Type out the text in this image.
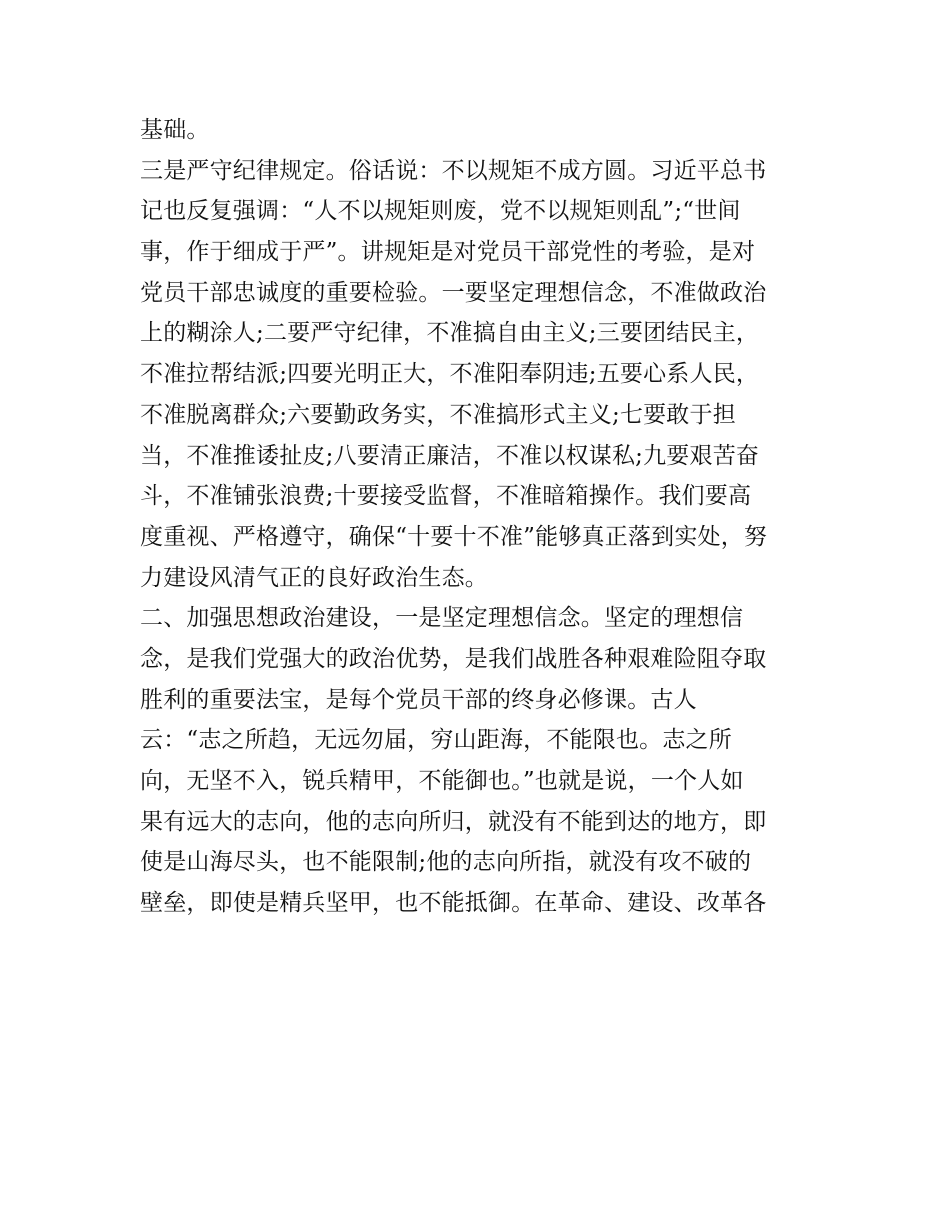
基础。
三是严守纪律规定。俗话说：不以规矩不成方圆。习近平总书
记也反复强调：“人不以规矩则废，党不以规矩则乱”;“世间
事，作于细成于严”。讲规矩是对党员干部党性的考验，是对
党员干部忠诚度的重要检验。一要坚定理想信念，不准做政治
上的糊涂人;二要严守纪律，不准搞自由主义;三要团结民主，
不准拉帮结派;四要光明正大，不准阳奉阴违;五要心系人民，
不准脱离群众;六要勤政务实，不准搞形式主义;七要敢于担
当，不准推诿扯皮;八要清正廉洁，不准以权谋私;九要艰苦奋
斗，不准铺张浪费;十要接受监督，不准暗箱操作。我们要高
度重视、严格遵守，确保“十要十不准”能够真正落到实处，努
力建设风清气正的良好政治生态。
二、加强思想政治建设，一是坚定理想信念。坚定的理想信
念，是我们党强大的政治优势，是我们战胜各种艰难险阻夺取
胜利的重要法宝，是每个党员干部的终身必修课。古人
云：“志之所趋，无远勿届，穷山距海，不能限也。志之所
向，无坚不入，锐兵精甲，不能御也。”也就是说，一个人如
果有远大的志向，他的志向所归，就没有不能到达的地方，即
使是山海尽头，也不能限制;他的志向所指，就没有攻不破的
壁垒，即使是精兵坚甲，也不能抵御。在革命、建设、改革各
